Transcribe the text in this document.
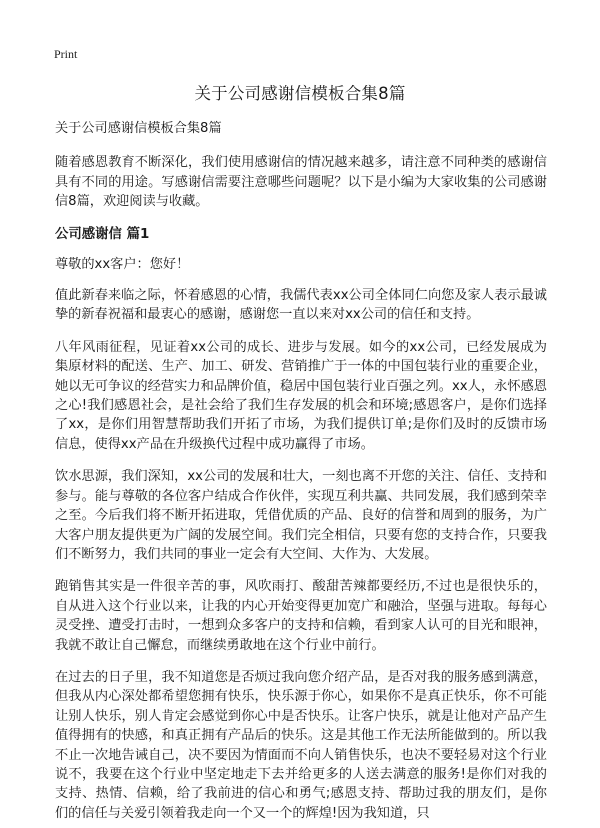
Print
关于公司感谢信模板合集8篇

关于公司感谢信模板合集8篇

随着感恩教育不断深化，我们使用感谢信的情况越来越多，请注意不同种类的感谢信具有不同的用途。写感谢信需要注意哪些问题呢？以下是小编为大家收集的公司感谢信8篇，欢迎阅读与收藏。

公司感谢信 篇1

尊敬的xx客户：您好！

值此新春来临之际，怀着感恩的心情，我儒代表xx公司全体同仁向您及家人表示最诚挚的新春祝福和最衷心的感谢，感谢您一直以来对xx公司的信任和支持。

八年风雨征程，见证着xx公司的成长、进步与发展。如今的xx公司，已经发展成为集原材料的配送、生产、加工、研发、营销推广于一体的中国包装行业的重要企业，她以无可争议的经营实力和品牌价值，稳居中国包装行业百强之列。xx人，永怀感恩之心!我们感恩社会，是社会给了我们生存发展的机会和环境;感恩客户，是你们选择了xx，是你们用智慧帮助我们开拓了市场，为我们提供订单;是你们及时的反馈市场信息，使得xx产品在升级换代过程中成功赢得了市场。

饮水思源，我们深知，xx公司的发展和壮大，一刻也离不开您的关注、信任、支持和参与。能与尊敬的各位客户结成合作伙伴，实现互利共赢、共同发展，我们感到荣幸之至。今后我们将不断开拓进取，凭借优质的产品、良好的信誉和周到的服务，为广大客户朋友提供更为广阔的发展空间。我们完全相信，只要有您的支持合作，只要我们不断努力，我们共同的事业一定会有大空间、大作为、大发展。

跑销售其实是一件很辛苦的事，风吹雨打、酸甜苦辣都要经历,不过也是很快乐的，自从进入这个行业以来，让我的内心开始变得更加宽广和融洽，坚强与进取。每每心灵受挫、遭受打击时，一想到众多客户的支持和信赖，看到家人认可的目光和眼神，我就不敢让自己懈怠，而继续勇敢地在这个行业中前行。

在过去的日子里，我不知道您是否烦过我向您介绍产品，是否对我的服务感到满意，但我从内心深处都希望您拥有快乐，快乐源于你心，如果你不是真正快乐，你不可能让别人快乐，别人肯定会感觉到你心中是否快乐。让客户快乐，就是让他对产品产生值得拥有的快感，和真正拥有产品后的快乐。这是其他工作无法所能做到的。所以我不止一次地告诫自己，决不要因为情面而不向人销售快乐，也决不要轻易对这个行业说不，我要在这个行业中坚定地走下去并给更多的人送去满意的服务!是你们对我的支持、热情、信赖，给了我前进的信心和勇气;感恩支持、帮助过我的朋友们，是你们的信任与关爱引领着我走向一个又一个的辉煌!因为我知道，只
